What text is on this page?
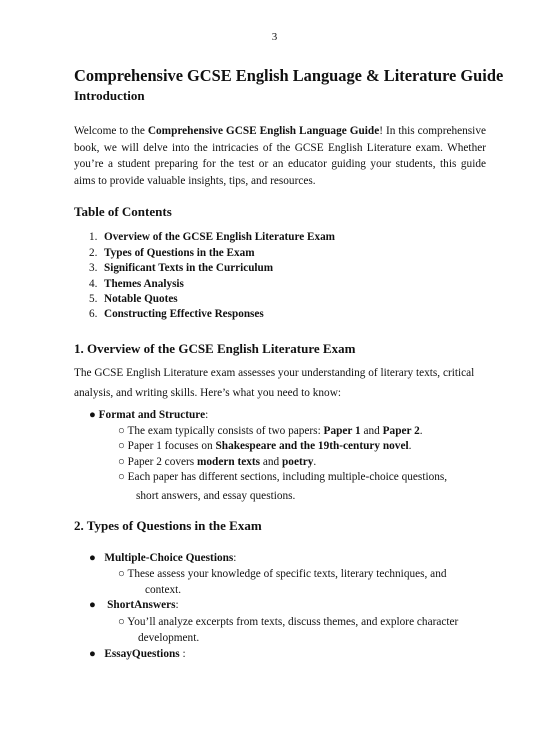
3
Comprehensive GCSE English Language & Literature Guide
Introduction
Welcome to the Comprehensive GCSE English Language Guide! In this comprehensive book, we will delve into the intricacies of the GCSE English Literature exam. Whether you’re a student preparing for the test or an educator guiding your students, this guide aims to provide valuable insights, tips, and resources.
Table of Contents
1. Overview of the GCSE English Literature Exam
2. Types of Questions in the Exam
3. Significant Texts in the Curriculum
4. Themes Analysis
5. Notable Quotes
6. Constructing Effective Responses
1. Overview of the GCSE English Literature Exam
The GCSE English Literature exam assesses your understanding of literary texts, critical analysis, and writing skills. Here’s what you need to know:
● Format and Structure:
○ The exam typically consists of two papers: Paper 1 and Paper 2.
○ Paper 1 focuses on Shakespeare and the 19th-century novel.
○ Paper 2 covers modern texts and poetry.
○ Each paper has different sections, including multiple-choice questions,
short answers, and essay questions.
2. Types of Questions in the Exam
● Multiple-Choice Questions:
○ These assess your knowledge of specific texts, literary techniques, and
context.
● ShortAnswers:
○ You’ll analyze excerpts from texts, discuss themes, and explore character
development.
● EssayQuestions :
